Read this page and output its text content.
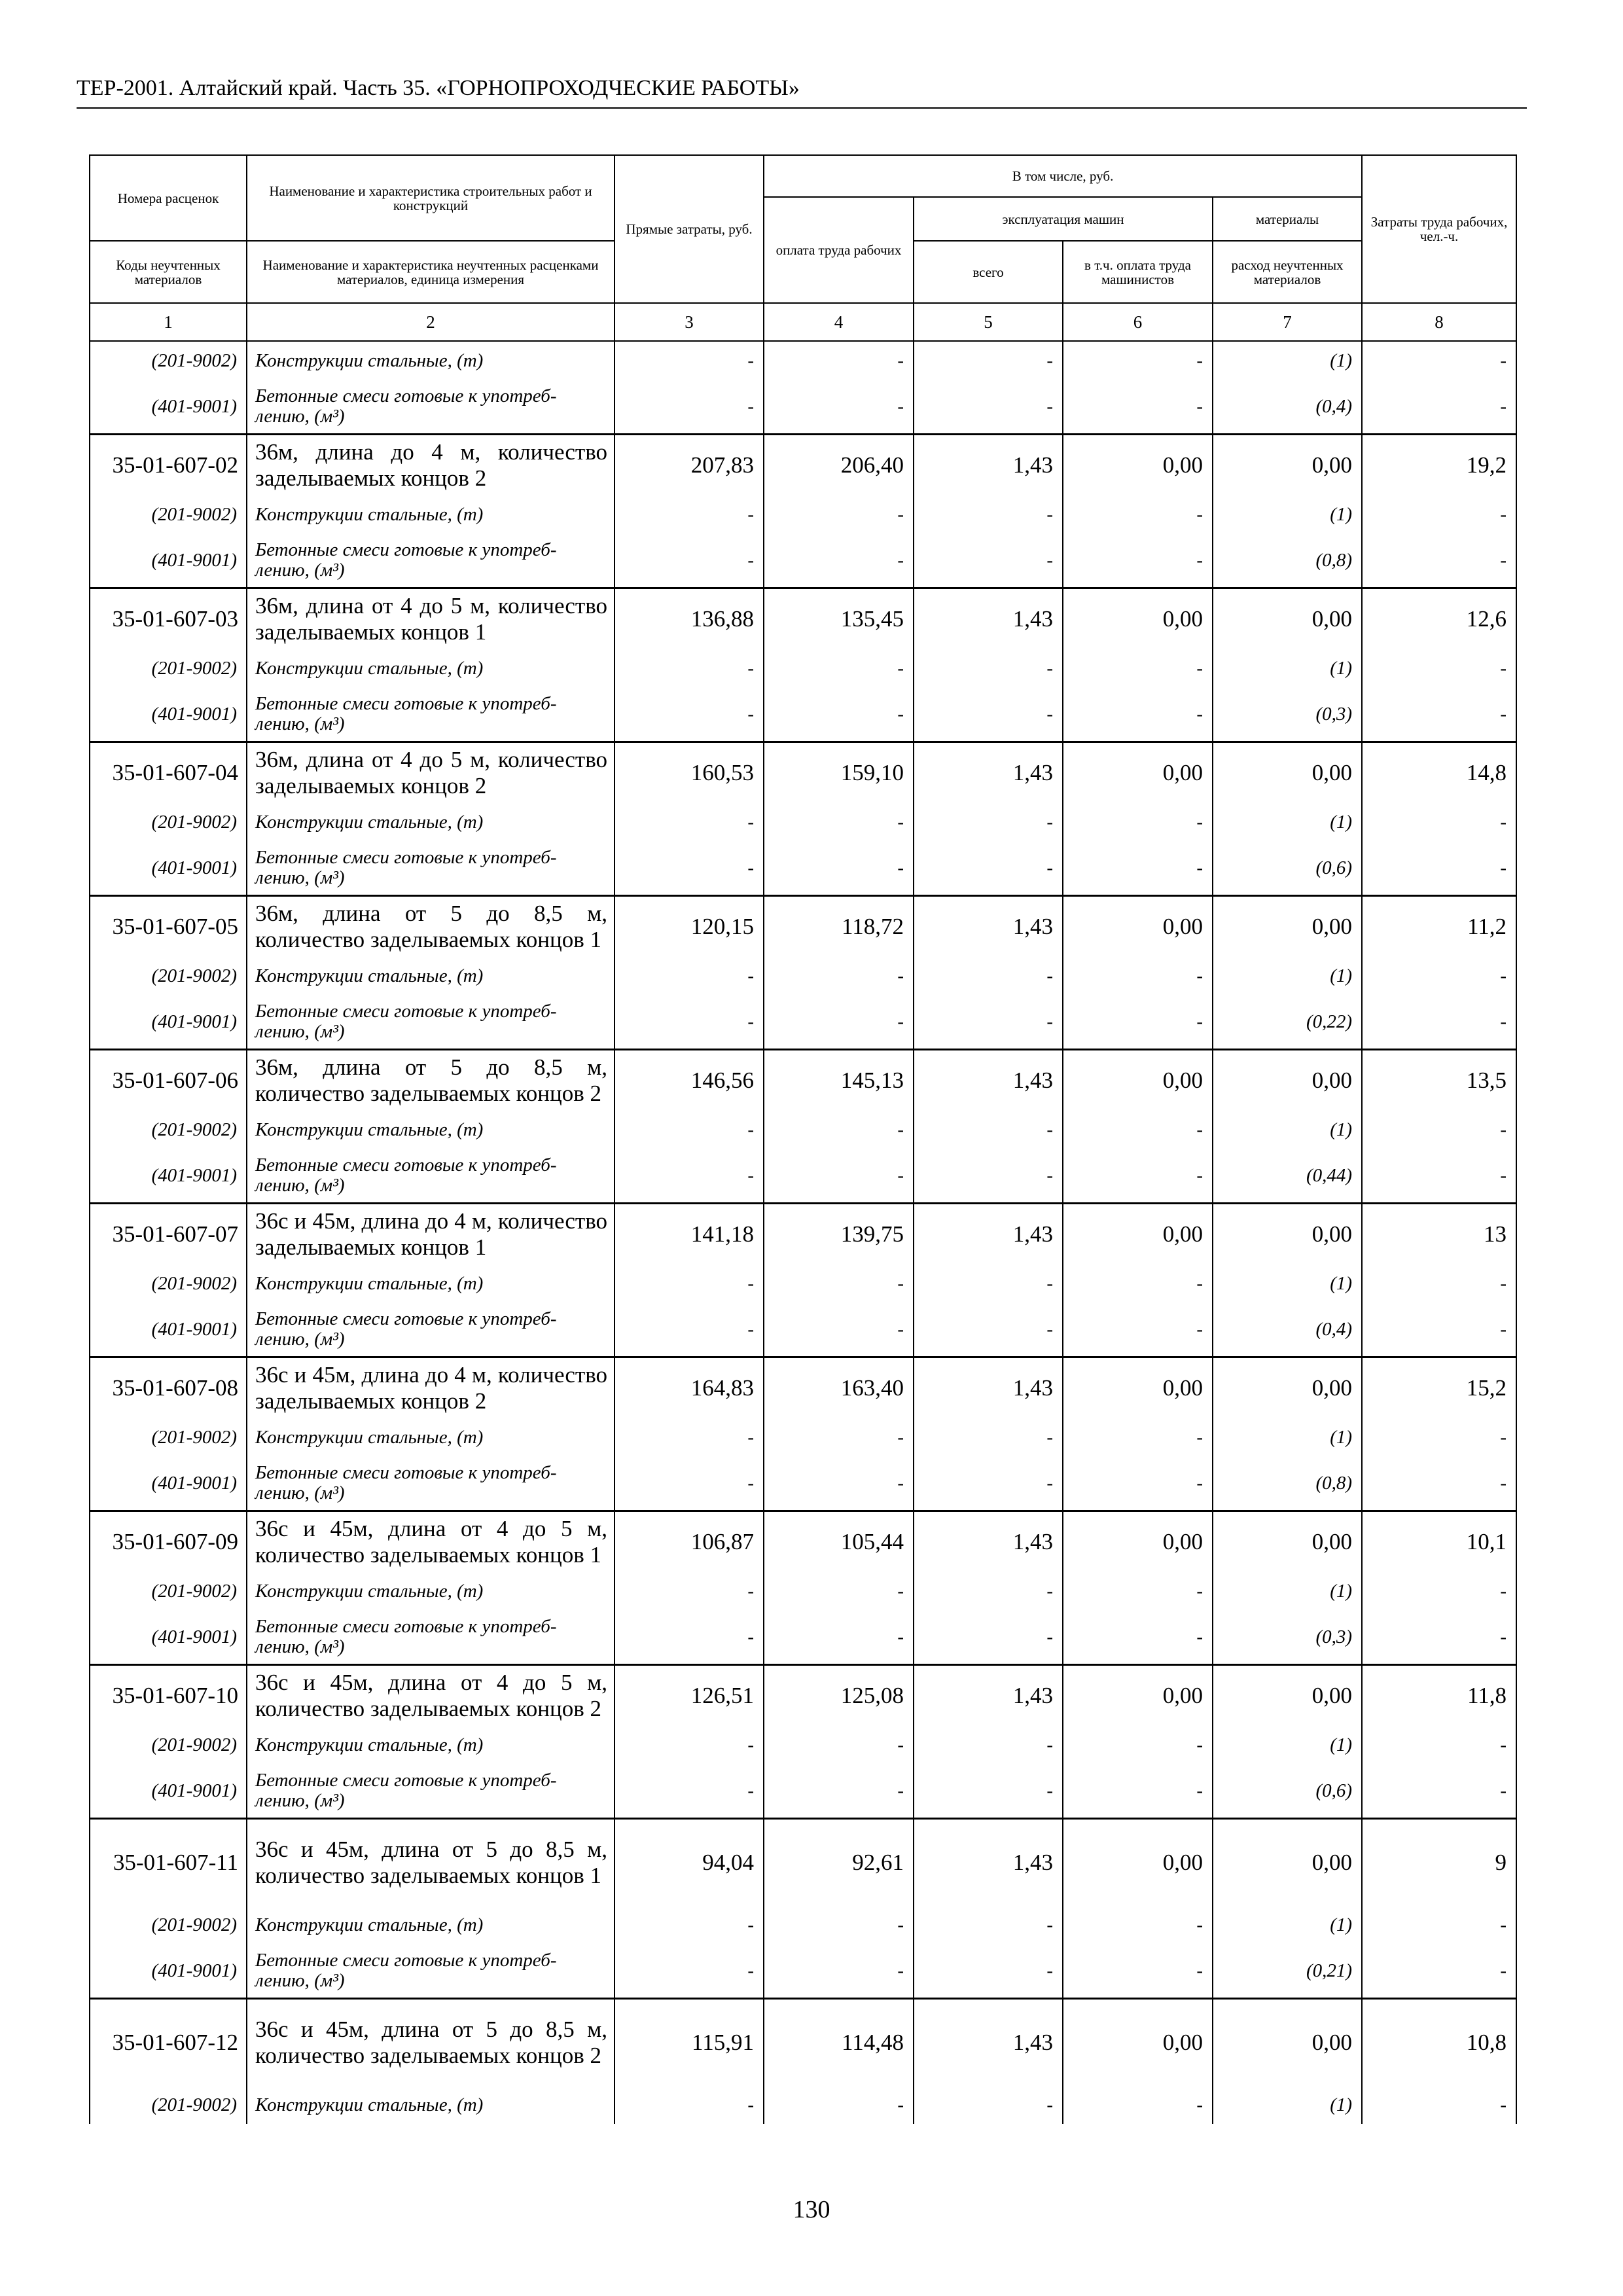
ТЕР-2001. Алтайский край. Часть 35. «ГОРНОПРОХОДЧЕСКИЕ РАБОТЫ»
Номера расценок	Наименование и характеристика строительных работ и конструкций	Прямые затраты, руб.	В том числе, руб.				Затраты труда рабочих, чел.-ч.
			оплата труда рабочих	эксплуатация машин		материалы	
Коды неучтенных материалов	Наименование и характеристика неучтенных расценками материалов, единица измерения			всего	в т.ч. оплата труда машинистов	расход неучтенных материалов	
1	2	3	4	5	6	7	8
(201-9002)	Конструкции стальные, (т)	-	-	-	-	(1)	-
(401-9001)	Бетонные смеси готовые к употреб-лению, (м³)	-	-	-	-	(0,4)	-
35-01-607-02	36м, длина до 4 м, количество заделываемых концов 2	207,83	206,40	1,43	0,00	0,00	19,2
(201-9002)	Конструкции стальные, (т)	-	-	-	-	(1)	-
(401-9001)	Бетонные смеси готовые к употреб-лению, (м³)	-	-	-	-	(0,8)	-
35-01-607-03	36м, длина от 4 до 5 м, количество заделываемых концов 1	136,88	135,45	1,43	0,00	0,00	12,6
(201-9002)	Конструкции стальные, (т)	-	-	-	-	(1)	-
(401-9001)	Бетонные смеси готовые к употреб-лению, (м³)	-	-	-	-	(0,3)	-
35-01-607-04	36м, длина от 4 до 5 м, количество заделываемых концов 2	160,53	159,10	1,43	0,00	0,00	14,8
(201-9002)	Конструкции стальные, (т)	-	-	-	-	(1)	-
(401-9001)	Бетонные смеси готовые к употреб-лению, (м³)	-	-	-	-	(0,6)	-
35-01-607-05	36м, длина от 5 до 8,5 м, количество заделываемых концов 1	120,15	118,72	1,43	0,00	0,00	11,2
(201-9002)	Конструкции стальные, (т)	-	-	-	-	(1)	-
(401-9001)	Бетонные смеси готовые к употреб-лению, (м³)	-	-	-	-	(0,22)	-
35-01-607-06	36м, длина от 5 до 8,5 м, количество заделываемых концов 2	146,56	145,13	1,43	0,00	0,00	13,5
(201-9002)	Конструкции стальные, (т)	-	-	-	-	(1)	-
(401-9001)	Бетонные смеси готовые к употреб-лению, (м³)	-	-	-	-	(0,44)	-
35-01-607-07	36с и 45м, длина до 4 м, количество заделываемых концов 1	141,18	139,75	1,43	0,00	0,00	13
(201-9002)	Конструкции стальные, (т)	-	-	-	-	(1)	-
(401-9001)	Бетонные смеси готовые к употреб-лению, (м³)	-	-	-	-	(0,4)	-
35-01-607-08	36с и 45м, длина до 4 м, количество заделываемых концов 2	164,83	163,40	1,43	0,00	0,00	15,2
(201-9002)	Конструкции стальные, (т)	-	-	-	-	(1)	-
(401-9001)	Бетонные смеси готовые к употреб-лению, (м³)	-	-	-	-	(0,8)	-
35-01-607-09	36с и 45м, длина от 4 до 5 м, количество заделываемых концов 1	106,87	105,44	1,43	0,00	0,00	10,1
(201-9002)	Конструкции стальные, (т)	-	-	-	-	(1)	-
(401-9001)	Бетонные смеси готовые к употреб-лению, (м³)	-	-	-	-	(0,3)	-
35-01-607-10	36с и 45м, длина от 4 до 5 м, количество заделываемых концов 2	126,51	125,08	1,43	0,00	0,00	11,8
(201-9002)	Конструкции стальные, (т)	-	-	-	-	(1)	-
(401-9001)	Бетонные смеси готовые к употреб-лению, (м³)	-	-	-	-	(0,6)	-
35-01-607-11	36с и 45м, длина от 5 до 8,5 м, количество заделываемых концов 1	94,04	92,61	1,43	0,00	0,00	9
(201-9002)	Конструкции стальные, (т)	-	-	-	-	(1)	-
(401-9001)	Бетонные смеси готовые к употреб-лению, (м³)	-	-	-	-	(0,21)	-
35-01-607-12	36с и 45м, длина от 5 до 8,5 м, количество заделываемых концов 2	115,91	114,48	1,43	0,00	0,00	10,8
(201-9002)	Конструкции стальные, (т)	-	-	-	-	(1)	-
130
